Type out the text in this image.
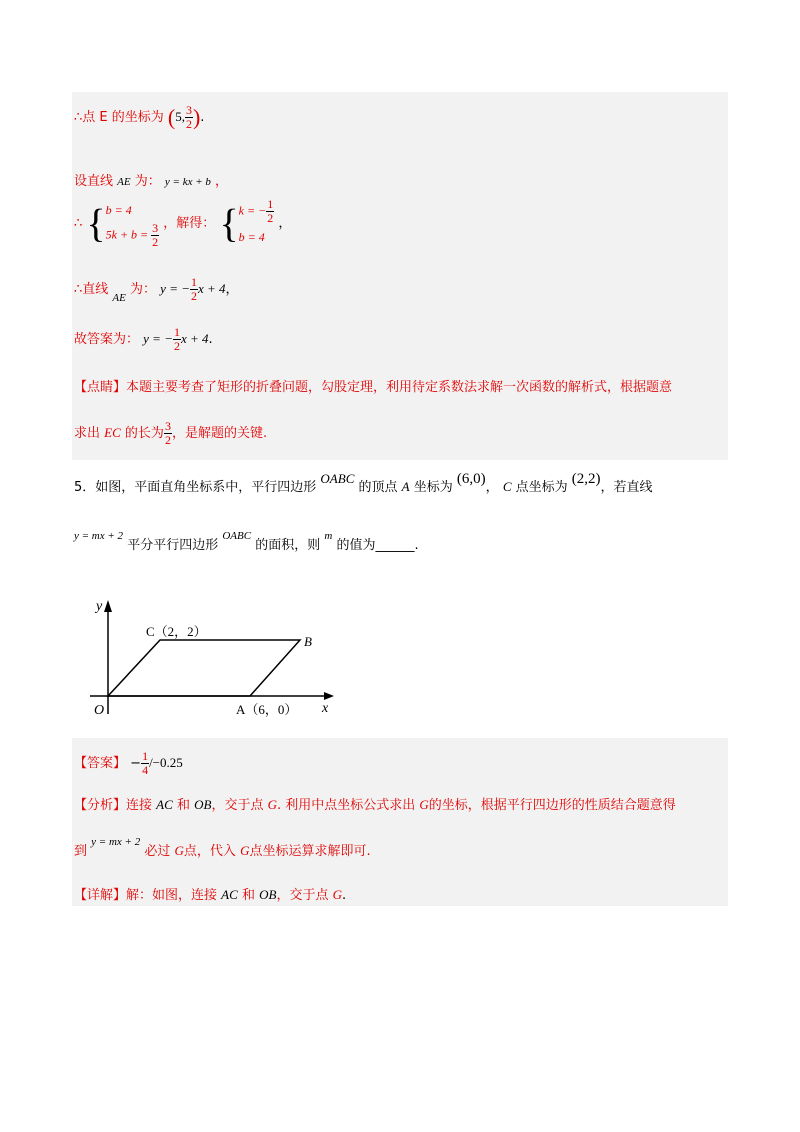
∴点 E 的坐标为 (5, $\frac{3}{2}$ ).
设直线 AE 为： y = kx + b ，
∴ { b = 4
$5k + b = \frac{3}{2}$ ，解得： { k = − $\frac{1}{2}$
b = 4
，
∴直线 $_{AE}$ 为： y = − $\frac{1}{2}$ x + 4，
故答案为： y = − $\frac{1}{2}$ x + 4.
【点睛】本题主要考查了矩形的折叠问题，勾股定理，利用待定系数法求解一次函数的解析式，根据题意
求出 EC 的长为 $\frac{3}{2}$ ，是解题的关键.
5．如图，平面直角坐标系中，平行四边形 OABC 的顶点 A 坐标为 (6,0)， C 点坐标为 (2,2)，若直线
$^{y = mx + 2}$ 平分平行四边形 $^{OABC}$ 的面积，则 $^m$ 的值为______.
y
x
O
C（2，2）
B
A（6，0）
【答案】 − $\frac{1}{4} /-0.25$
【分析】连接 AC 和 OB，交于点 G. 利用中点坐标公式求出 G的坐标，根据平行四边形的性质结合题意得
到 $^{y = mx + 2}$ 必过 G点，代入 G点坐标运算求解即可.
【详解】解：如图，连接 AC 和 OB，交于点 G.
